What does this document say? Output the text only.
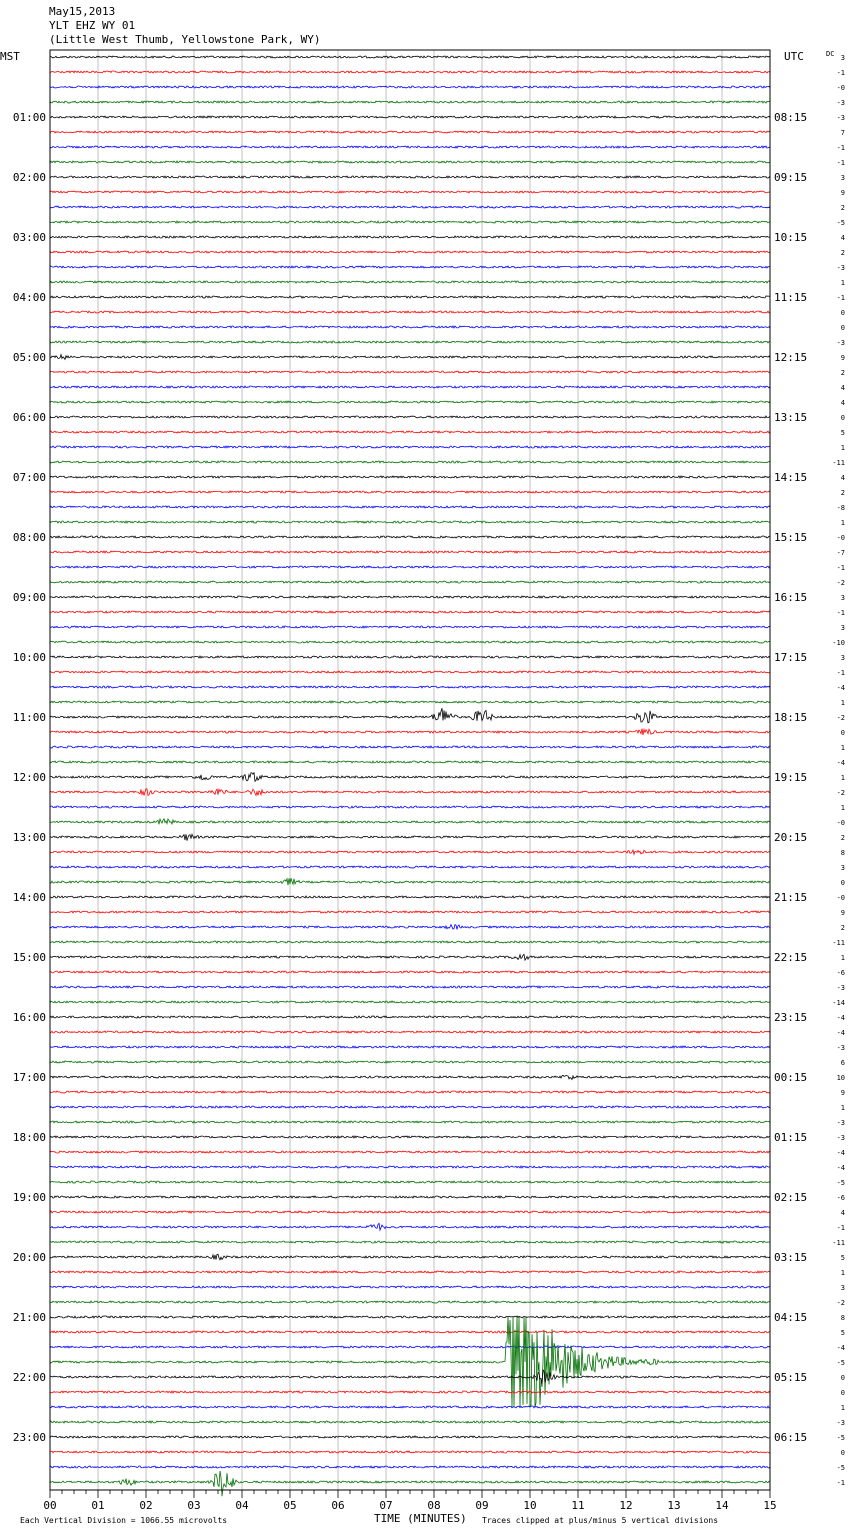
May15,2013
YLT EHZ WY 01
(Little West Thumb, Yellowstone Park, WY)
MST	UTC	DC
00	01	02	03	04	05	06	07	08	09	10	11	12	13	14	15
01:00
02:00
03:00
04:00
05:00
06:00
07:00
08:00
09:00
10:00
11:00
12:00
13:00
14:00
15:00
16:00
17:00
18:00
19:00
20:00
21:00
22:00
23:00
08:15
09:15
10:15
11:15
12:15
13:15
14:15
15:15
16:15
17:15
18:15
19:15
20:15
21:15
22:15
23:15
00:15
01:15
02:15
03:15
04:15
05:15
06:15
3
-1
-0
-3
-3
7
-1
-1
3
9
2
-5
4
2
-3
1
-1
0
0
-3
9
2
4
4
0
5
1
-11
4
2
-8
1
-0
-7
-1
-2
3
-1
3
-10
3
-1
-4
1
-2
0
1
-4
1
-2
1
-0
2
8
3
0
-0
9
2
-11
1
-6
-3
-14
-4
-4
-3
6
10
9
1
-3
-3
-4
-4
-5
-6
4
-1
-11
5
1
3
-2
8
5
-4
-5
0
0
1
-3
-5
0
-5
-1
Each Vertical Division = 1066.55 microvolts	TIME (MINUTES) Traces clipped at plus/minus 5 vertical divisions
